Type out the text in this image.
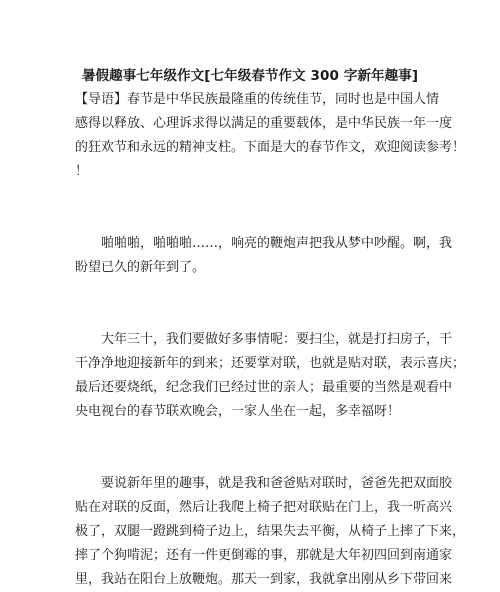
暑假趣事七年级作文[七年级春节作文 300 字新年趣事]

【导语】春节是中华民族最隆重的传统佳节，同时也是中国人情
感得以释放、心理诉求得以满足的重要载体，是中华民族一年一度
的狂欢节和永远的精神支柱。下面是大的春节作文，欢迎阅读参考！
！

　　啪啪啪，啪啪啪……，响亮的鞭炮声把我从梦中吵醒。啊，我
盼望已久的新年到了。

　　大年三十，我们要做好多事情呢：要扫尘，就是打扫房子，干
干净净地迎接新年的到来；还要掌对联，也就是贴对联，表示喜庆；
最后还要烧纸，纪念我们已经过世的亲人；最重要的当然是观看中
央电视台的春节联欢晚会，一家人坐在一起，多幸福呀！

　　要说新年里的趣事，就是我和爸爸贴对联时，爸爸先把双面胶
贴在对联的反面，然后让我爬上椅子把对联贴在门上，我一听高兴
极了，双腿一蹬跳到椅子边上，结果失去平衡，从椅子上摔了下来，
摔了个狗啃泥；还有一件更倒霉的事，那就是大年初四回到南通家
里，我站在阳台上放鞭炮。那天一到家，我就拿出刚从乡下带回来
